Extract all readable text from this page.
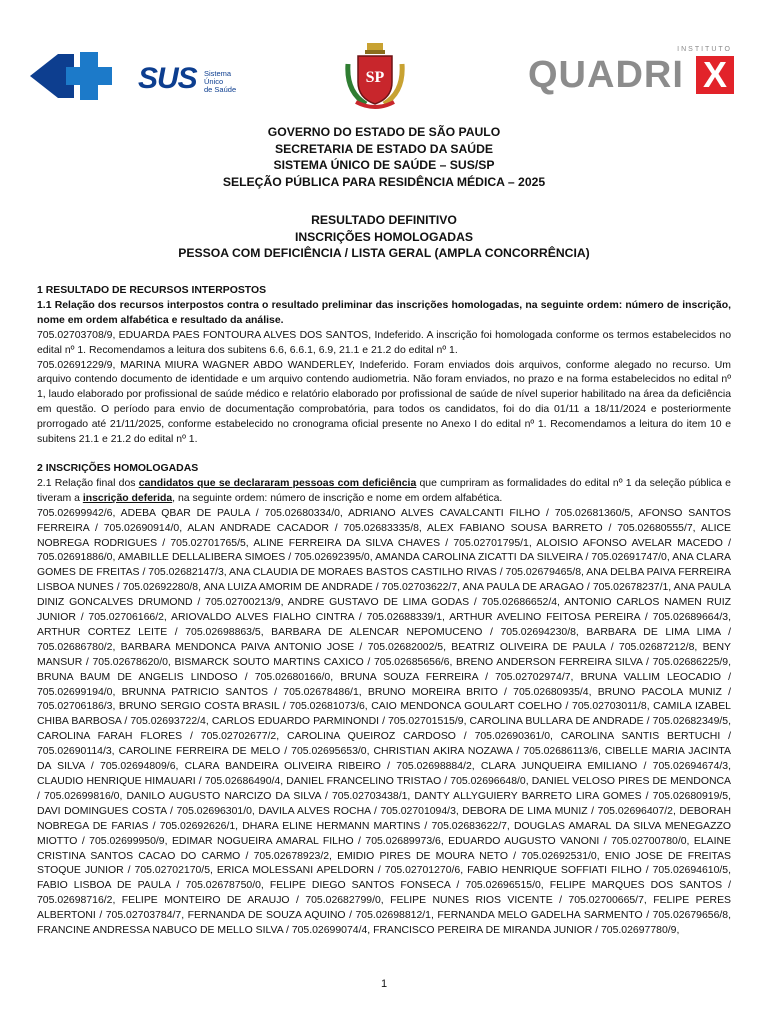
SUS Sistema
Único
de Saúde
SP
INSTITUTO
QUADRI X
GOVERNO DO ESTADO DE SÃO PAULO
SECRETARIA DE ESTADO DA SAÚDE
SISTEMA ÚNICO DE SAÚDE – SUS/SP
SELEÇÃO PÚBLICA PARA RESIDÊNCIA MÉDICA – 2025
RESULTADO DEFINITIVO
INSCRIÇÕES HOMOLOGADAS
PESSOA COM DEFICIÊNCIA / LISTA GERAL (AMPLA CONCORRÊNCIA)

1 RESULTADO DE RECURSOS INTERPOSTOS

1.1 Relação dos recursos interpostos contra o resultado preliminar das inscrições homologadas, na seguinte ordem: número de inscrição, nome em ordem alfabética e resultado da análise.

705.02703708/9, EDUARDA PAES FONTOURA ALVES DOS SANTOS, Indeferido. A inscrição foi homologada conforme os termos estabelecidos no edital nº 1. Recomendamos a leitura dos subitens 6.6, 6.6.1, 6.9, 21.1 e 21.2 do edital nº 1.

705.02691229/9, MARINA MIURA WAGNER ABDO WANDERLEY, Indeferido. Foram enviados dois arquivos, conforme alegado no recurso. Um arquivo contendo documento de identidade e um arquivo contendo audiometria. Não foram enviados, no prazo e na forma estabelecidos no edital nº 1, laudo elaborado por profissional de saúde médico e relatório elaborado por profissional de saúde de nível superior habilitado na área da deficiência em questão. O período para envio de documentação comprobatória, para todos os candidatos, foi do dia 01/11 a 18/11/2024 e posteriormente prorrogado até 21/11/2025, conforme estabelecido no cronograma oficial presente no Anexo I do edital nº 1. Recomendamos a leitura do item 10 e subitens 21.1 e 21.2 do edital nº 1.

2 INSCRIÇÕES HOMOLOGADAS

2.1 Relação final dos candidatos que se declararam pessoas com deficiência que cumpriram as formalidades do edital nº 1 da seleção pública e tiveram a inscrição deferida, na seguinte ordem: número de inscrição e nome em ordem alfabética.

705.02699942/6, ADEBA QBAR DE PAULA / 705.02680334/0, ADRIANO ALVES CAVALCANTI FILHO / 705.02681360/5, AFONSO SANTOS FERREIRA / 705.02690914/0, ALAN ANDRADE CACADOR / 705.02683335/8, ALEX FABIANO SOUSA BARRETO / 705.02680555/7, ALICE NOBREGA RODRIGUES / 705.02701765/5, ALINE FERREIRA DA SILVA CHAVES / 705.02701795/1, ALOISIO AFONSO AVELAR MACEDO / 705.02691886/0, AMABILLE DELLALIBERA SIMOES / 705.02692395/0, AMANDA CAROLINA ZICATTI DA SILVEIRA / 705.02691747/0, ANA CLARA GOMES DE FREITAS / 705.02682147/3, ANA CLAUDIA DE MORAES BASTOS CASTILHO RIVAS / 705.02679465/8, ANA DELBA PAIVA FERREIRA LISBOA NUNES / 705.02692280/8, ANA LUIZA AMORIM DE ANDRADE / 705.02703622/7, ANA PAULA DE ARAGAO / 705.02678237/1, ANA PAULA DINIZ GONCALVES DRUMOND / 705.02700213/9, ANDRE GUSTAVO DE LIMA GODAS / 705.02686652/4, ANTONIO CARLOS NAMEN RUIZ JUNIOR / 705.02706166/2, ARIOVALDO ALVES FIALHO CINTRA / 705.02688339/1, ARTHUR AVELINO FEITOSA PEREIRA / 705.02689664/3, ARTHUR CORTEZ LEITE / 705.02698863/5, BARBARA DE ALENCAR NEPOMUCENO / 705.02694230/8, BARBARA DE LIMA LIMA / 705.02686780/2, BARBARA MENDONCA PAIVA ANTONIO JOSE / 705.02682002/5, BEATRIZ OLIVEIRA DE PAULA / 705.02687212/8, BENY MANSUR / 705.02678620/0, BISMARCK SOUTO MARTINS CAXICO / 705.02685656/6, BRENO ANDERSON FERREIRA SILVA / 705.02686225/9, BRUNA BAUM DE ANGELIS LINDOSO / 705.02680166/0, BRUNA SOUZA FERREIRA / 705.02702974/7, BRUNA VALLIM LEOCADIO / 705.02699194/0, BRUNNA PATRICIO SANTOS / 705.02678486/1, BRUNO MOREIRA BRITO / 705.02680935/4, BRUNO PACOLA MUNIZ / 705.02706186/3, BRUNO SERGIO COSTA BRASIL / 705.02681073/6, CAIO MENDONCA GOULART COELHO / 705.02703011/8, CAMILA IZABEL CHIBA BARBOSA / 705.02693722/4, CARLOS EDUARDO PARMINONDI / 705.02701515/9, CAROLINA BULLARA DE ANDRADE / 705.02682349/5, CAROLINA FARAH FLORES / 705.02702677/2, CAROLINA QUEIROZ CARDOSO / 705.02690361/0, CAROLINA SANTIS BERTUCHI / 705.02690114/3, CAROLINE FERREIRA DE MELO / 705.02695653/0, CHRISTIAN AKIRA NOZAWA / 705.02686113/6, CIBELLE MARIA JACINTA DA SILVA / 705.02694809/6, CLARA BANDEIRA OLIVEIRA RIBEIRO / 705.02698884/2, CLARA JUNQUEIRA EMILIANO / 705.02694674/3, CLAUDIO HENRIQUE HIMAUARI / 705.02686490/4, DANIEL FRANCELINO TRISTAO / 705.02696648/0, DANIEL VELOSO PIRES DE MENDONCA / 705.02699816/0, DANILO AUGUSTO NARCIZO DA SILVA / 705.02703438/1, DANTY ALLYGUIERY BARRETO LIRA GOMES / 705.02680919/5, DAVI DOMINGUES COSTA / 705.02696301/0, DAVILA ALVES ROCHA / 705.02701094/3, DEBORA DE LIMA MUNIZ / 705.02696407/2, DEBORAH NOBREGA DE FARIAS / 705.02692626/1, DHARA ELINE HERMANN MARTINS / 705.02683622/7, DOUGLAS AMARAL DA SILVA MENEGAZZO MIOTTO / 705.02699950/9, EDIMAR NOGUEIRA AMARAL FILHO / 705.02689973/6, EDUARDO AUGUSTO VANONI / 705.02700780/0, ELAINE CRISTINA SANTOS CACAO DO CARMO / 705.02678923/2, EMIDIO PIRES DE MOURA NETO / 705.02692531/0, ENIO JOSE DE FREITAS STOQUE JUNIOR / 705.02702170/5, ERICA MOLESSANI APELDORN / 705.02701270/6, FABIO HENRIQUE SOFFIATI FILHO / 705.02694610/5, FABIO LISBOA DE PAULA / 705.02678750/0, FELIPE DIEGO SANTOS FONSECA / 705.02696515/0, FELIPE MARQUES DOS SANTOS / 705.02698716/2, FELIPE MONTEIRO DE ARAUJO / 705.02682799/0, FELIPE NUNES RIOS VICENTE / 705.02700665/7, FELIPE PERES ALBERTONI / 705.02703784/7, FERNANDA DE SOUZA AQUINO / 705.02698812/1, FERNANDA MELO GADELHA SARMENTO / 705.02679656/8, FRANCINE ANDRESSA NABUCO DE MELLO SILVA / 705.02699074/4, FRANCISCO PEREIRA DE MIRANDA JUNIOR / 705.02697780/9,

1
